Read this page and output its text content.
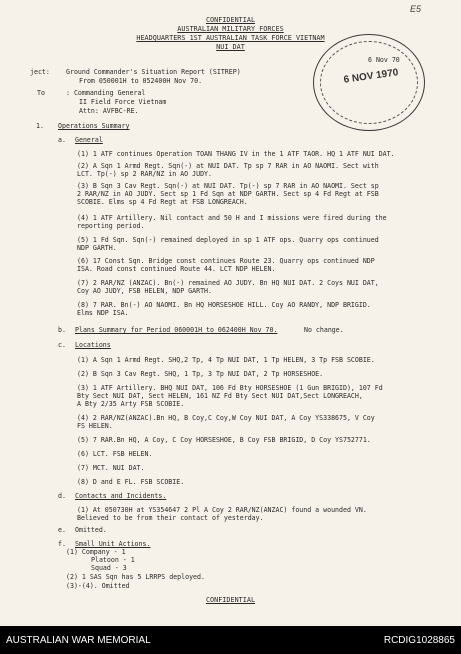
E5
CONFIDENTIAL
AUSTRALIAN MILITARY FORCES
HEADQUARTERS 1ST AUSTRALIAN TASK FORCE VIETNAM
NUI DAT
6 NOV 1970
6 Nov 70
ject: Ground Commander's Situation Report (SITREP)
From 050001H to 052400H Nov 70.
To	: Commanding General
II Field Force Vietnam
Attn: AVFBC-RE.
1. Operations Summary
a. General
(1) 1 ATF continues Operation TOAN THANG IV in the 1 ATF TAOR. HQ 1 ATF NUI DAT.
(2) A Sqn 1 Armd Regt. Sqn(-) at NUI DAT. Tp sp 7 RAR in AO NAOMI. Sect with
LCT. Tp(-) sp 2 RAR/NZ in AO JUDY.
(3) B Sqn 3 Cav Regt. Sqn(-) at NUI DAT. Tp(-) sp 7 RAR in AO NAOMI. Sect sp
2 RAR/NZ in AO JUDY. Sect sp 1 Fd Sqn at NDP GARTH. Sect sp 4 Fd Regt at FSB
SCOBIE. Elms sp 4 Fd Regt at FSB LONGREACH.
(4) 1 ATF Artillery. Nil contact and 50 H and I missions were fired during the
reporting period.
(5) 1 Fd Sqn. Sqn(-) remained deployed in sp 1 ATF ops. Quarry ops continued
NDP GARTH.
(6) 17 Const Sqn. Bridge const continues Route 23. Quarry ops continued NDP
ISA. Road const continued Route 44. LCT NDP HELEN.
(7) 2 RAR/NZ (ANZAC). Bn(-) remained AO JUDY. Bn HQ NUI DAT. 2 Coys NUI DAT,
Coy AO JUDY, FSB HELEN, NDP GARTH.
(8) 7 RAR. Bn(-) AO NAOMI. Bn HQ HORSESHOE HILL. Coy AO RANDY, NDP BRIGID.
Elms NDP ISA.
b. Plans Summary for Period 060001H to 062400H Nov 70.	No change.
c. Locations
(1) A Sqn 1 Armd Regt. SHQ,2 Tp, 4 Tp NUI DAT, 1 Tp HELEN, 3 Tp FSB SCOBIE.
(2) B Sqn 3 Cav Regt. SHQ, 1 Tp, 3 Tp NUI DAT, 2 Tp HORSESHOE.
(3) 1 ATF Artillery. BHQ NUI DAT, 106 Fd Bty HORSESHOE (1 Gun BRIGID), 107 Fd
Bty Sect NUI DAT, Sect HELEN, 161 NZ Fd Bty Sect NUI DAT,Sect LONGREACH,
A Bty 2/35 Arty FSB SCOBIE.
(4) 2 RAR/NZ(ANZAC).Bn HQ, B Coy,C Coy,W Coy NUI DAT, A Coy YS338675, V Coy
FS HELEN.
(5) 7 RAR.Bn HQ, A Coy, C Coy HORSESHOE, B Coy FSB BRIGID, D Coy YS752771.
(6) LCT. FSB HELEN.
(7) MCT. NUI DAT.
(8) D and E FL. FSB SCOBIE.
d. Contacts and Incidents.
(1) At 050730H at YS354647 2 Pl A Coy 2 RAR/NZ(ANZAC) found a wounded VN.
Believed to be from their contact of yesterday.
e. Omitted.
f. Small Unit Actions.
(1) Company - 1
Platoon - 1
Squad - 3
(2) 1 SAS Sqn has 5 LRRPS deployed.
(3)-(4). Omitted
CONFIDENTIAL
AUSTRALIAN WAR MEMORIAL	RCDIG1028865
